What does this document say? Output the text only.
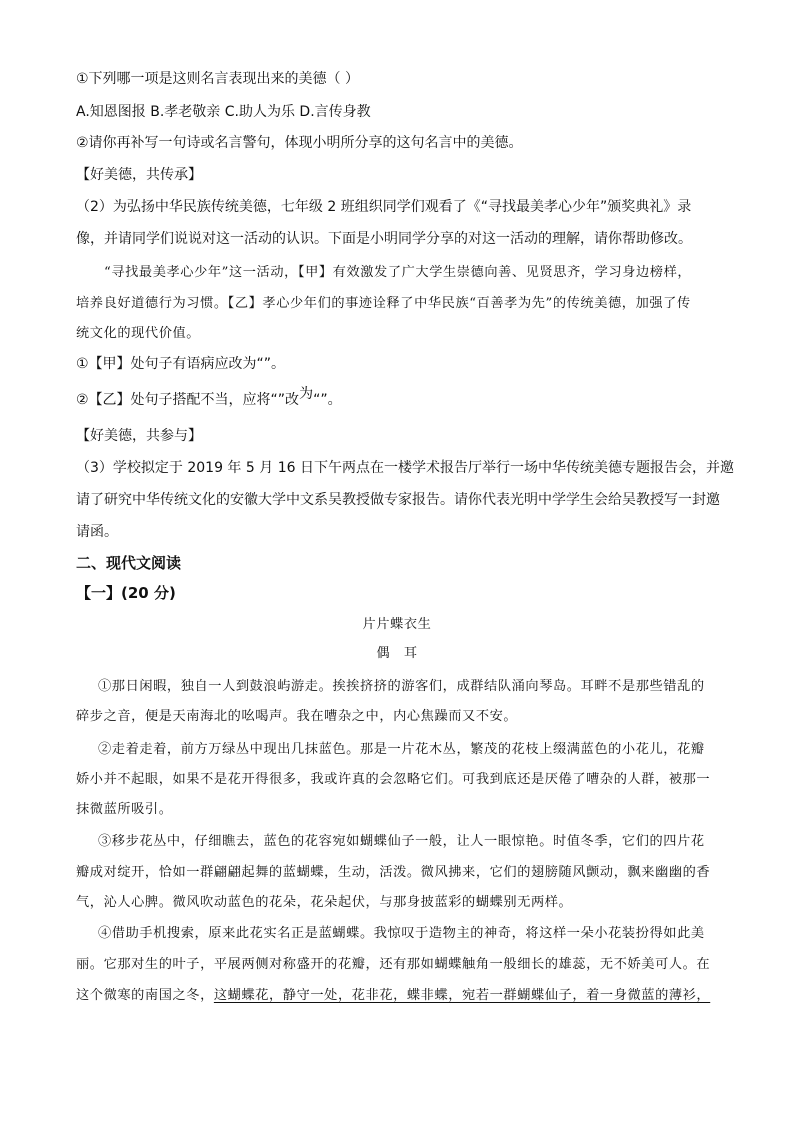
①下列哪一项是这则名言表现出来的美德（ ）
A.知恩图报 B.孝老敬亲 C.助人为乐 D.言传身教
②请你再补写一句诗或名言警句，体现小明所分享的这句名言中的美德。
【好美德，共传承】
（2）为弘扬中华民族传统美德，七年级 2 班组织同学们观看了《“寻找最美孝心少年”颁奖典礼》录
像，并请同学们说说对这一活动的认识。下面是小明同学分享的对这一活动的理解，请你帮助修改。
“寻找最美孝心少年”这一活动，【甲】有效激发了广大学生崇德向善、见贤思齐，学习身边榜样，
培养良好道德行为习惯。【乙】孝心少年们的事迹诠释了中华民族“百善孝为先”的传统美德，加强了传
统文化的现代价值。
①【甲】处句子有语病应改为“”。
②【乙】处句子搭配不当，应将“”改为“”。
【好美德，共参与】
（3）学校拟定于 2019 年 5 月 16 日下午两点在一楼学术报告厅举行一场中华传统美德专题报告会，并邀
请了研究中华传统文化的安徽大学中文系吴教授做专家报告。请你代表光明中学学生会给吴教授写一封邀
请函。
二、现代文阅读
【一】(20 分)
片片蝶衣生
偶　耳
①那日闲暇，独自一人到鼓浪屿游走。挨挨挤挤的游客们，成群结队涌向琴岛。耳畔不是那些错乱的
碎步之音，便是天南海北的吆喝声。我在嘈杂之中，内心焦躁而又不安。
②走着走着，前方万绿丛中现出几抹蓝色。那是一片花木丛，繁茂的花枝上缀满蓝色的小花儿，花瓣
娇小并不起眼，如果不是花开得很多，我或许真的会忽略它们。可我到底还是厌倦了嘈杂的人群，被那一
抹微蓝所吸引。
③移步花丛中，仔细瞧去，蓝色的花容宛如蝴蝶仙子一般，让人一眼惊艳。时值冬季，它们的四片花
瓣成对绽开，恰如一群翩翩起舞的蓝蝴蝶，生动，活泼。微风拂来，它们的翅膀随风颤动，飘来幽幽的香
气，沁人心脾。微风吹动蓝色的花朵，花朵起伏，与那身披蓝彩的蝴蝶别无两样。
④借助手机搜索，原来此花实名正是蓝蝴蝶。我惊叹于造物主的神奇，将这样一朵小花装扮得如此美
丽。它那对生的叶子，平展两侧对称盛开的花瓣，还有那如蝴蝶触角一般细长的雄蕊，无不娇美可人。在
这个微寒的南国之冬，这蝴蝶花，静守一处，花非花，蝶非蝶，宛若一群蝴蝶仙子，着一身微蓝的薄衫，
